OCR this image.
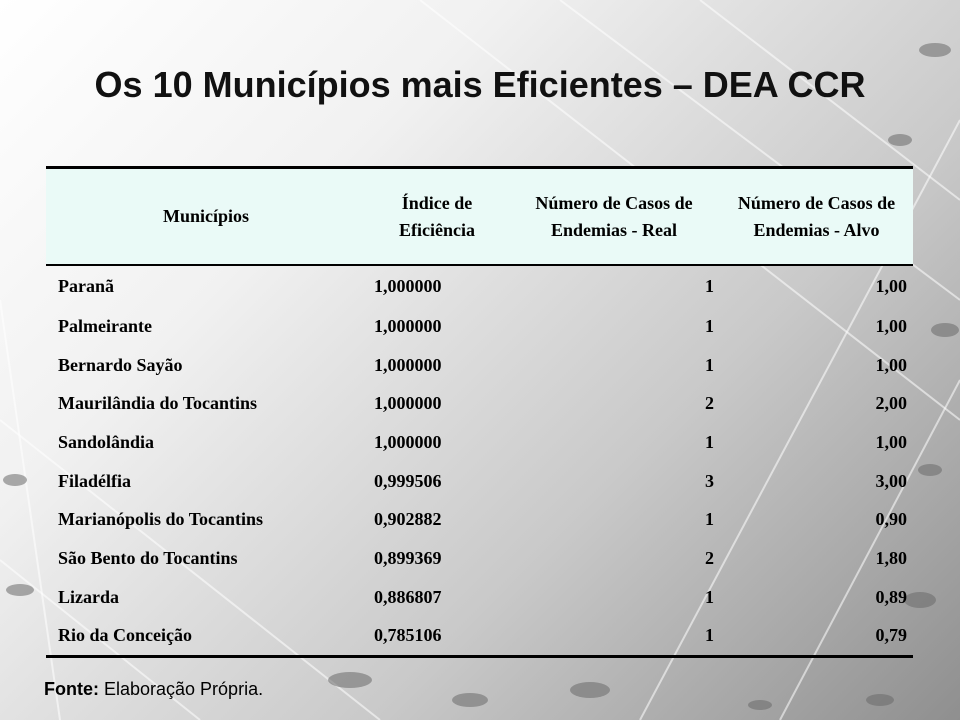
Os 10 Municípios mais Eficientes – DEA CCR
Municípios	Índice de Eficiência	Número de Casos de Endemias - Real	Número de Casos de Endemias - Alvo
Paranã	1,000000	1	1,00
Palmeirante	1,000000	1	1,00
Bernardo Sayão	1,000000	1	1,00
Maurilândia do Tocantins	1,000000	2	2,00
Sandolândia	1,000000	1	1,00
Filadélfia	0,999506	3	3,00
Marianópolis do Tocantins	0,902882	1	0,90
São Bento do Tocantins	0,899369	2	1,80
Lizarda	0,886807	1	0,89
Rio da Conceição	0,785106	1	0,79
Fonte: Elaboração Própria.
